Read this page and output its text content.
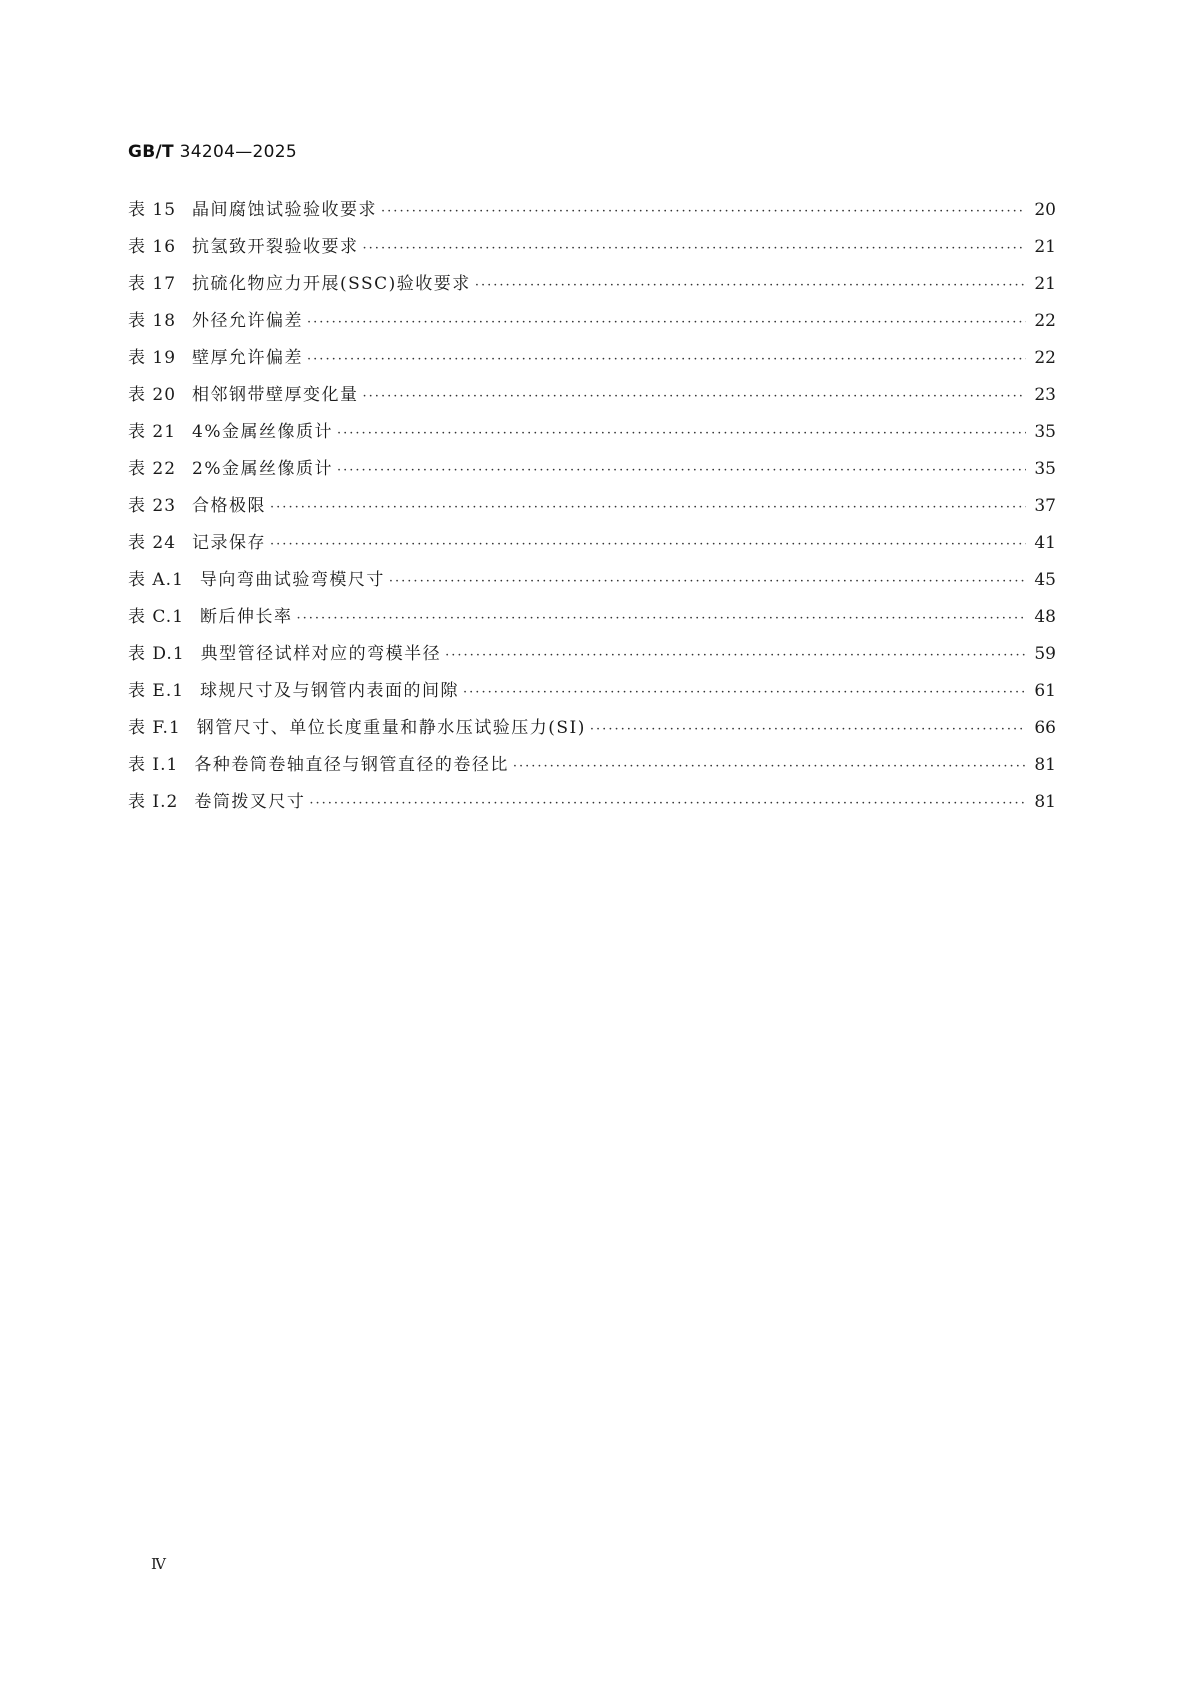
GB/T 34204—2025
表 15 晶间腐蚀试验验收要求 ·····	20
表 16 抗氢致开裂验收要求 ·····	21
表 17 抗硫化物应力开展(SSC)验收要求 ·····	21
表 18 外径允许偏差 ·····	22
表 19 壁厚允许偏差 ·····	22
表 20 相邻钢带壁厚变化量 ·····	23
表 21 4%金属丝像质计 ·····	35
表 22 2%金属丝像质计 ·····	35
表 23 合格极限 ·····	37
表 24 记录保存 ·····	41
表 A.1 导向弯曲试验弯模尺寸 ·····	45
表 C.1 断后伸长率 ·····	48
表 D.1 典型管径试样对应的弯模半径 ·····	59
表 E.1 球规尺寸及与钢管内表面的间隙 ·····	61
表 F.1 钢管尺寸、单位长度重量和静水压试验压力(SI) ·····	66
表 I.1 各种卷筒卷轴直径与钢管直径的卷径比 ·····	81
表 I.2 卷筒拨叉尺寸 ·····	81
Ⅳ
